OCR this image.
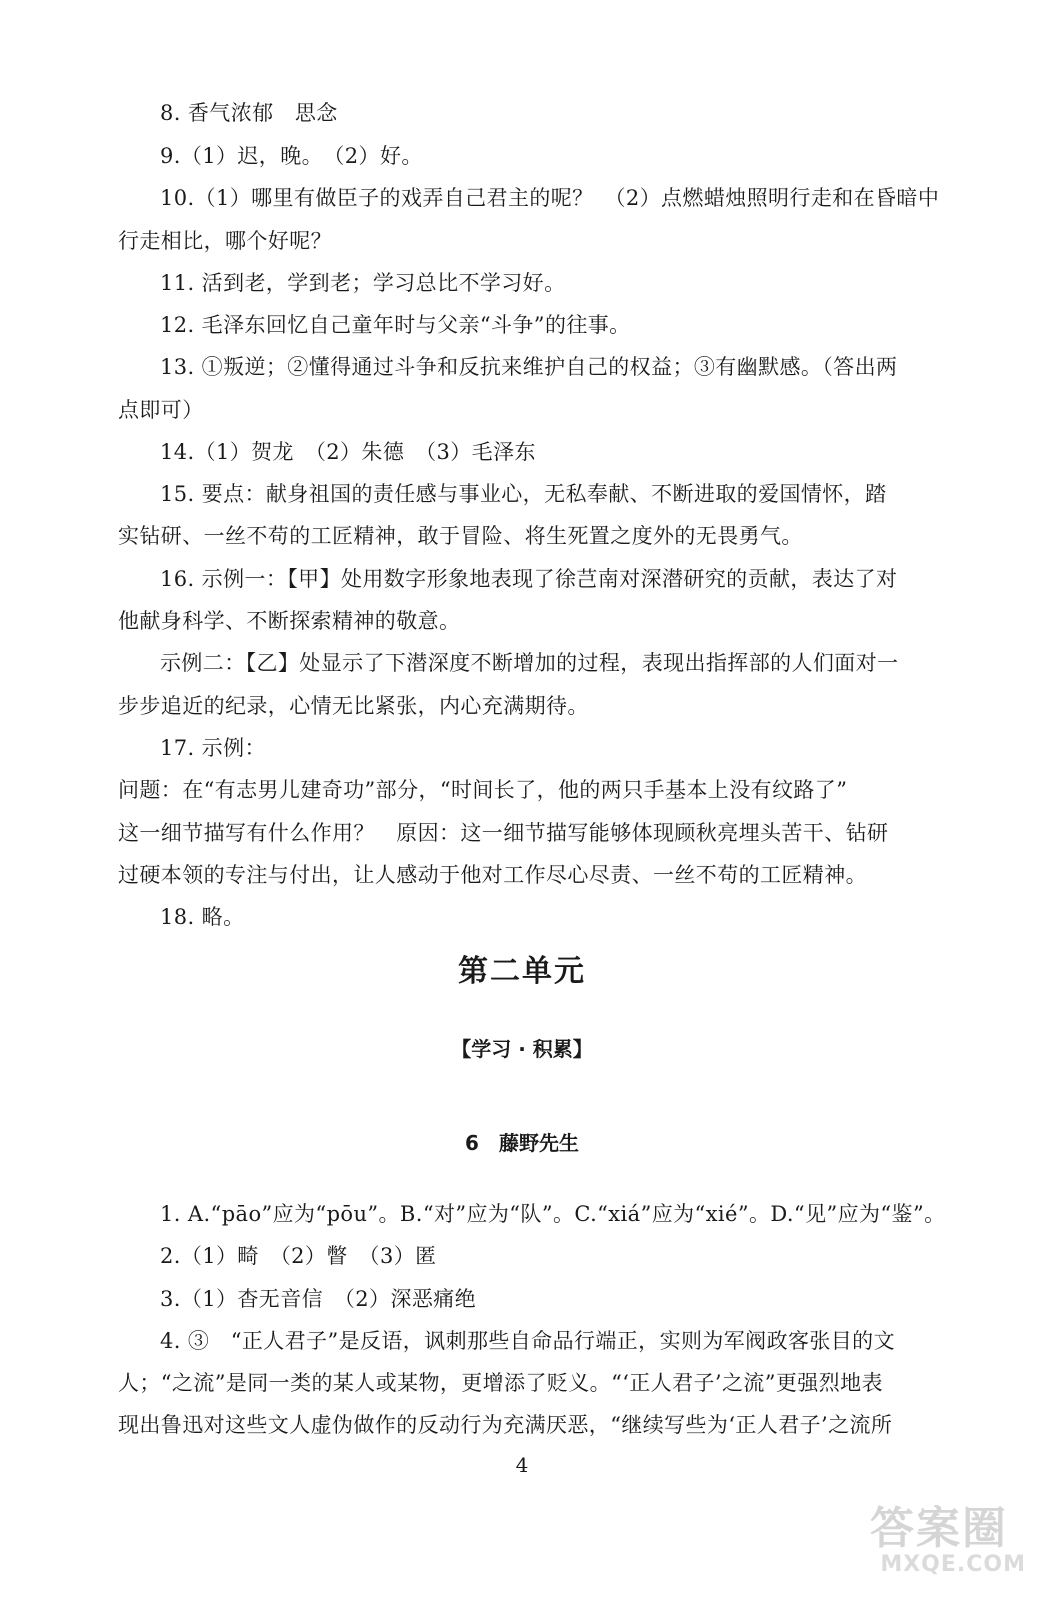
8. 香气浓郁　思念
9.（1）迟，晚。　（2）好。
10.（1）哪里有做臣子的戏弄自己君主的呢？　（2）点燃蜡烛照明行走和在昏暗中
行走相比，哪个好呢？
11. 活到老，学到老；学习总比不学习好。
12. 毛泽东回忆自己童年时与父亲“斗争”的往事。
13. ①叛逆；②懂得通过斗争和反抗来维护自己的权益；③有幽默感。（答出两
点即可）
14.（1）贺龙　（2）朱德　（3）毛泽东
15. 要点：献身祖国的责任感与事业心，无私奉献、不断进取的爱国情怀，踏
实钻研、一丝不苟的工匠精神，敢于冒险、将生死置之度外的无畏勇气。
16. 示例一：【甲】处用数字形象地表现了徐芑南对深潜研究的贡献，表达了对
他献身科学、不断探索精神的敬意。
示例二：【乙】处显示了下潜深度不断增加的过程，表现出指挥部的人们面对一
步步追近的纪录，心情无比紧张，内心充满期待。
17. 示例：
问题：在“有志男儿建奇功”部分，“时间长了，他的两只手基本上没有纹路了”
这一细节描写有什么作用？　原因：这一细节描写能够体现顾秋亮埋头苦干、钻研
过硬本领的专注与付出，让人感动于他对工作尽心尽责、一丝不苟的工匠精神。
18. 略。
第二单元
【学习 · 积累】
6　藤野先生
1. A.“pāo”应为“pōu”。B.“对”应为“队”。C.“xiá”应为“xié”。D.“见”应为“鉴”。
2.（1）畸　（2）瞥　（3）匿
3.（1）杳无音信　（2）深恶痛绝
4. ③　“正人君子”是反语，讽刺那些自命品行端正，实则为军阀政客张目的文
人；“之流”是同一类的某人或某物，更增添了贬义。“‘正人君子’之流”更强烈地表
现出鲁迅对这些文人虚伪做作的反动行为充满厌恶，“继续写些为‘正人君子’之流所
4
答案圈
MXQE.COM
